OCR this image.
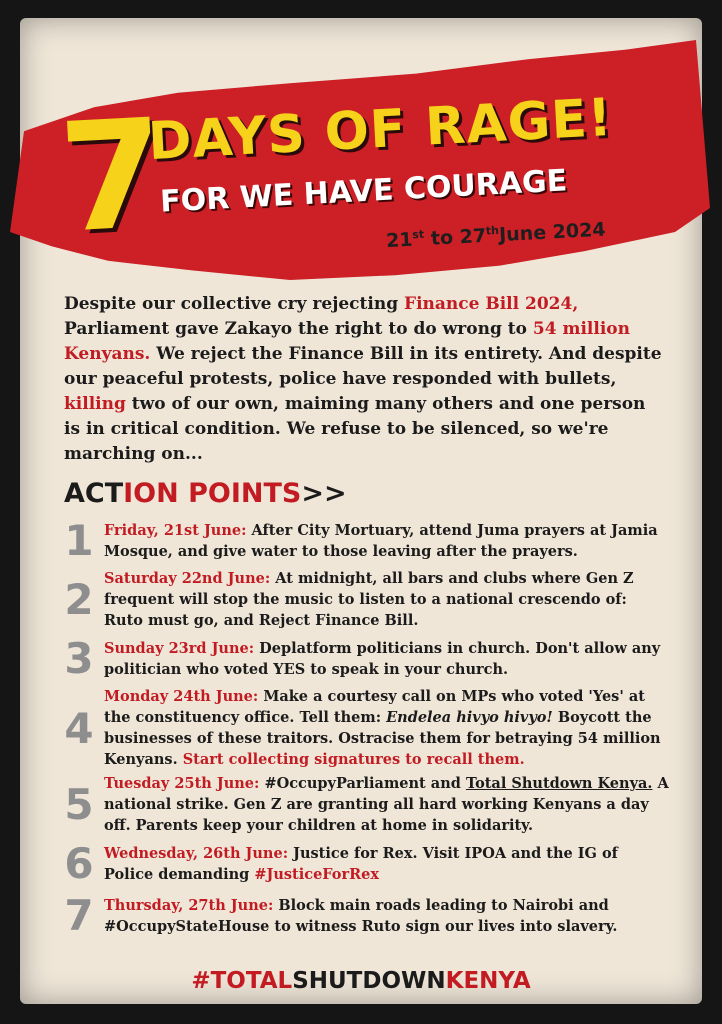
7
DAYS OF RAGE!
FOR WE HAVE COURAGE
21st to 27thJune 2024
Despite our collective cry rejecting Finance Bill 2024, Parliament gave Zakayo the right to do wrong to 54 million Kenyans. We reject the Finance Bill in its entirety. And despite our peaceful protests, police have responded with bullets, killing two of our own, maiming many others and one person is in critical condition. We refuse to be silenced, so we're marching on...
ACTION POINTS>>
1 Friday, 21st June: After City Mortuary, attend Juma prayers at Jamia Mosque, and give water to those leaving after the prayers.
2 Saturday 22nd June: At midnight, all bars and clubs where Gen Z frequent will stop the music to listen to a national crescendo of: Ruto must go, and Reject Finance Bill.
3 Sunday 23rd June: Deplatform politicians in church. Don't allow any politician who voted YES to speak in your church.
4
Monday 24th June: Make a courtesy call on MPs who voted 'Yes' at the constituency office. Tell them: Endelea hivyo hivyo! Boycott the businesses of these traitors. Ostracise them for betraying 54 million Kenyans. Start collecting signatures to recall them.
5 Tuesday 25th June: #OccupyParliament and Total Shutdown Kenya. A national strike. Gen Z are granting all hard working Kenyans a day off. Parents keep your children at home in solidarity.
6 Wednesday, 26th June: Justice for Rex. Visit IPOA and the IG of Police demanding #JusticeForRex
7 Thursday, 27th June: Block main roads leading to Nairobi and #OccupyStateHouse to witness Ruto sign our lives into slavery.
#TOTALSHUTDOWNKENYA
